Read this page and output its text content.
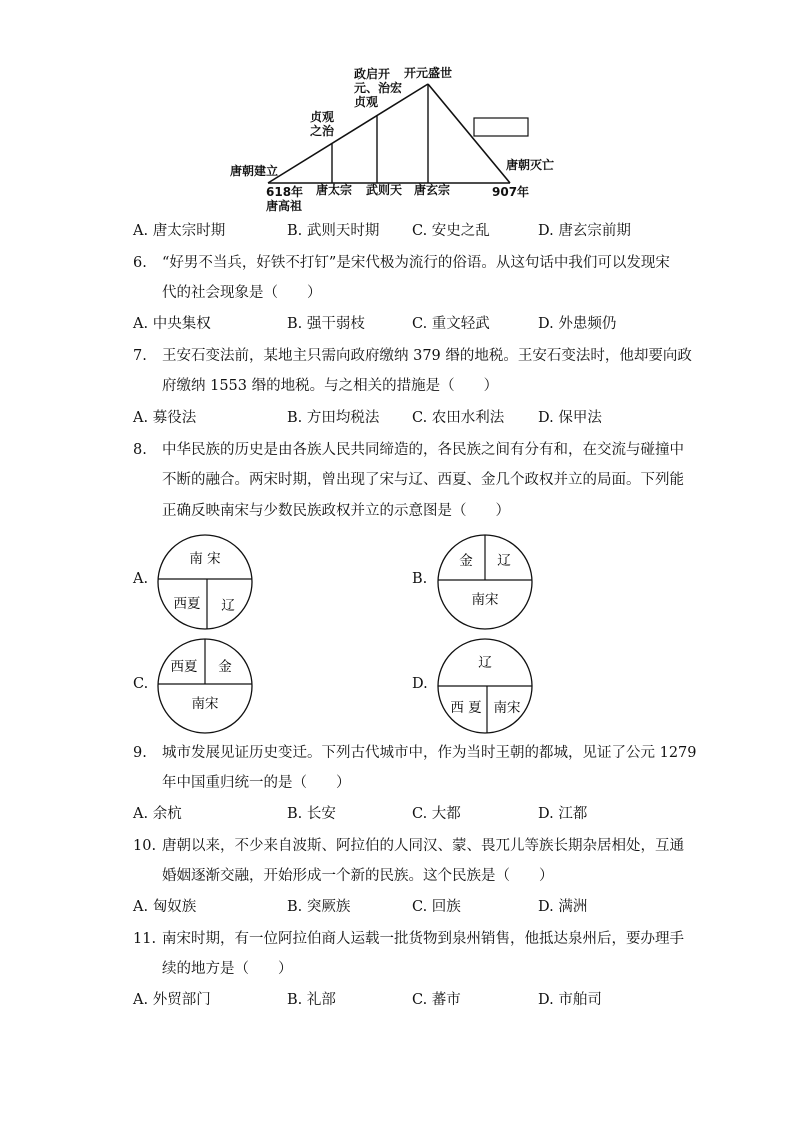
贞观
之治
政启开
元、治宏
贞观
开元盛世
唐朝建立	唐朝灭亡
618年
唐高祖
唐太宗 武则天 唐玄宗	907年
A. 唐太宗时期	B. 武则天时期 C. 安史之乱	D. 唐玄宗前期
6. “好男不当兵，好铁不打钉”是宋代极为流行的俗语。从这句话中我们可以发现宋
代的社会现象是（　　）
A. 中央集权	B. 强干弱枝	C. 重文轻武	D. 外患频仍
7. 王安石变法前，某地主只需向政府缴纳 379 缗的地税。王安石变法时，他却要向政
府缴纳 1553 缗的地税。与之相关的措施是（　　）
A. 募役法	B. 方田均税法 C. 农田水利法 D. 保甲法
8. 中华民族的历史是由各族人民共同缔造的，各民族之间有分有和，在交流与碰撞中
不断的融合。两宋时期，曾出现了宋与辽、西夏、金几个政权并立的局面。下列能
正确反映南宋与少数民族政权并立的示意图是（　　）
A.
南 宋
西夏 辽
B.
金 辽
南宋
C.
西夏 金
南宋
D.
辽
西 夏 南宋
9. 城市发展见证历史变迁。下列古代城市中，作为当时王朝的都城，见证了公元 1279
年中国重归统一的是（　　）
A. 余杭	B. 长安	C. 大都	D. 江都
10. 唐朝以来，不少来自波斯、阿拉伯的人同汉、蒙、畏兀儿等族长期杂居相处，互通
婚姻逐渐交融，开始形成一个新的民族。这个民族是（　　）
A. 匈奴族	B. 突厥族	C. 回族	D. 满洲
11. 南宋时期，有一位阿拉伯商人运载一批货物到泉州销售，他抵达泉州后，要办理手
续的地方是（　　）
A. 外贸部门	B. 礼部	C. 蕃市	D. 市舶司
